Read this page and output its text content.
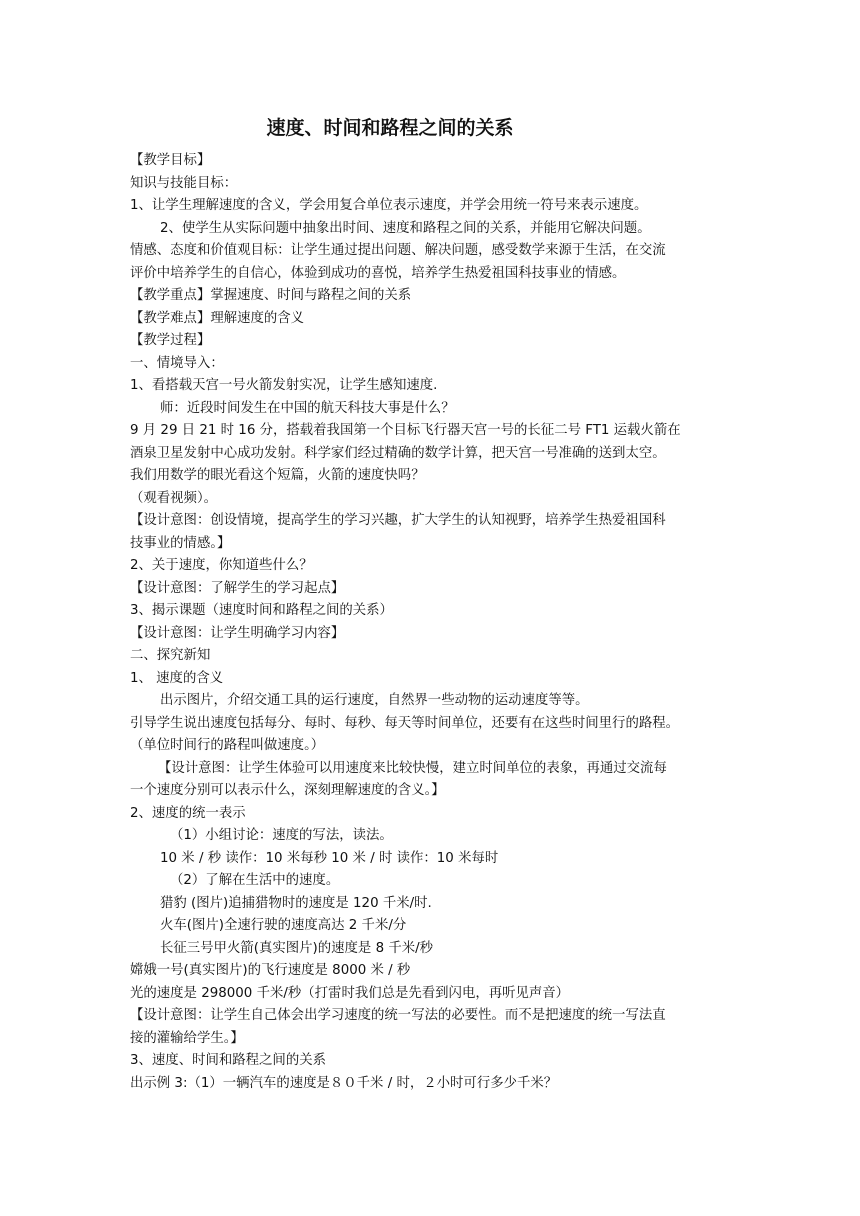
速度、时间和路程之间的关系
【教学目标】
知识与技能目标：
1、让学生理解速度的含义，学会用复合单位表示速度，并学会用统一符号来表示速度。
2、使学生从实际问题中抽象出时间、速度和路程之间的关系，并能用它解决问题。
情感、态度和价值观目标：让学生通过提出问题、解决问题，感受数学来源于生活，在交流
评价中培养学生的自信心，体验到成功的喜悦，培养学生热爱祖国科技事业的情感。
【教学重点】掌握速度、时间与路程之间的关系
【教学难点】理解速度的含义
【教学过程】
一、情境导入：
1、看搭载天宫一号火箭发射实况，让学生感知速度.
师：近段时间发生在中国的航天科技大事是什么？
9 月 29 日 21 时 16 分，搭载着我国第一个目标飞行器天宫一号的长征二号 FT1 运载火箭在
酒泉卫星发射中心成功发射。科学家们经过精确的数学计算，把天宫一号准确的送到太空。
我们用数学的眼光看这个短篇，火箭的速度快吗？
（观看视频）。
【设计意图：创设情境，提高学生的学习兴趣，扩大学生的认知视野，培养学生热爱祖国科
技事业的情感。】
2、关于速度，你知道些什么？
【设计意图：了解学生的学习起点】
3、揭示课题（速度时间和路程之间的关系）
【设计意图：让学生明确学习内容】
二、探究新知
1、 速度的含义
出示图片，介绍交通工具的运行速度，自然界一些动物的运动速度等等。
引导学生说出速度包括每分、每时、每秒、每天等时间单位，还要有在这些时间里行的路程。
（单位时间行的路程叫做速度。）
【设计意图：让学生体验可以用速度来比较快慢，建立时间单位的表象，再通过交流每
一个速度分别可以表示什么，深刻理解速度的含义。】
2、速度的统一表示
（1）小组讨论：速度的写法，读法。
10 米 / 秒 读作：10 米每秒 10 米 / 时 读作：10 米每时
（2）了解在生活中的速度。
猎豹 (图片)追捕猎物时的速度是 120 千米/时.
火车(图片)全速行驶的速度高达 2 千米/分
长征三号甲火箭(真实图片)的速度是 8 千米/秒
嫦娥一号(真实图片)的飞行速度是 8000 米 / 秒
光的速度是 298000 千米/秒（打雷时我们总是先看到闪电，再听见声音）
【设计意图：让学生自己体会出学习速度的统一写法的必要性。而不是把速度的统一写法直
接的灌输给学生。】
3、速度、时间和路程之间的关系
出示例 3:（1）一辆汽车的速度是８０千米 / 时，２小时可行多少千米？
